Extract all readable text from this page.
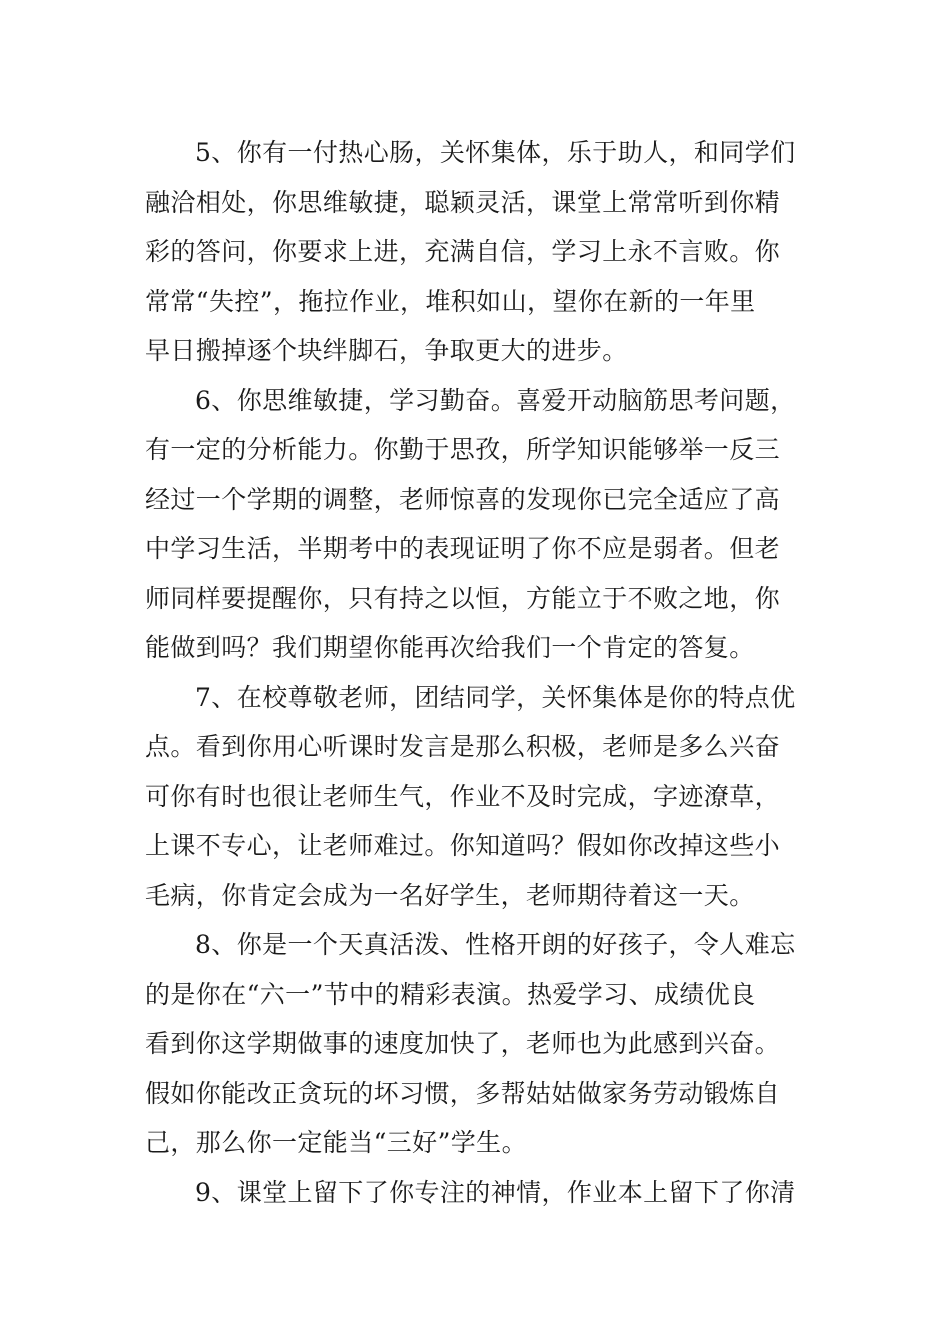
5、你有一付热心肠，关怀集体，乐于助人，和同学们
融洽相处，你思维敏捷，聪颖灵活，课堂上常常听到你精
彩的答问，你要求上进，充满自信，学习上永不言败。你
常常“失控”，拖拉作业，堆积如山，望你在新的一年里
早日搬掉逐个块绊脚石，争取更大的进步。
6、你思维敏捷，学习勤奋。喜爱开动脑筋思考问题，
有一定的分析能力。你勤于思孜，所学知识能够举一反三
经过一个学期的调整，老师惊喜的发现你已完全适应了高
中学习生活，半期考中的表现证明了你不应是弱者。但老
师同样要提醒你，只有持之以恒，方能立于不败之地，你
能做到吗？我们期望你能再次给我们一个肯定的答复。
7、在校尊敬老师，团结同学，关怀集体是你的特点优
点。看到你用心听课时发言是那么积极，老师是多么兴奋
可你有时也很让老师生气，作业不及时完成，字迹潦草，
上课不专心，让老师难过。你知道吗？假如你改掉这些小
毛病，你肯定会成为一名好学生，老师期待着这一天。
8、你是一个天真活泼、性格开朗的好孩子，令人难忘
的是你在“六一”节中的精彩表演。热爱学习、成绩优良
看到你这学期做事的速度加快了，老师也为此感到兴奋。
假如你能改正贪玩的坏习惯，多帮姑姑做家务劳动锻炼自
己，那么你一定能当“三好”学生。
9、课堂上留下了你专注的神情，作业本上留下了你清
